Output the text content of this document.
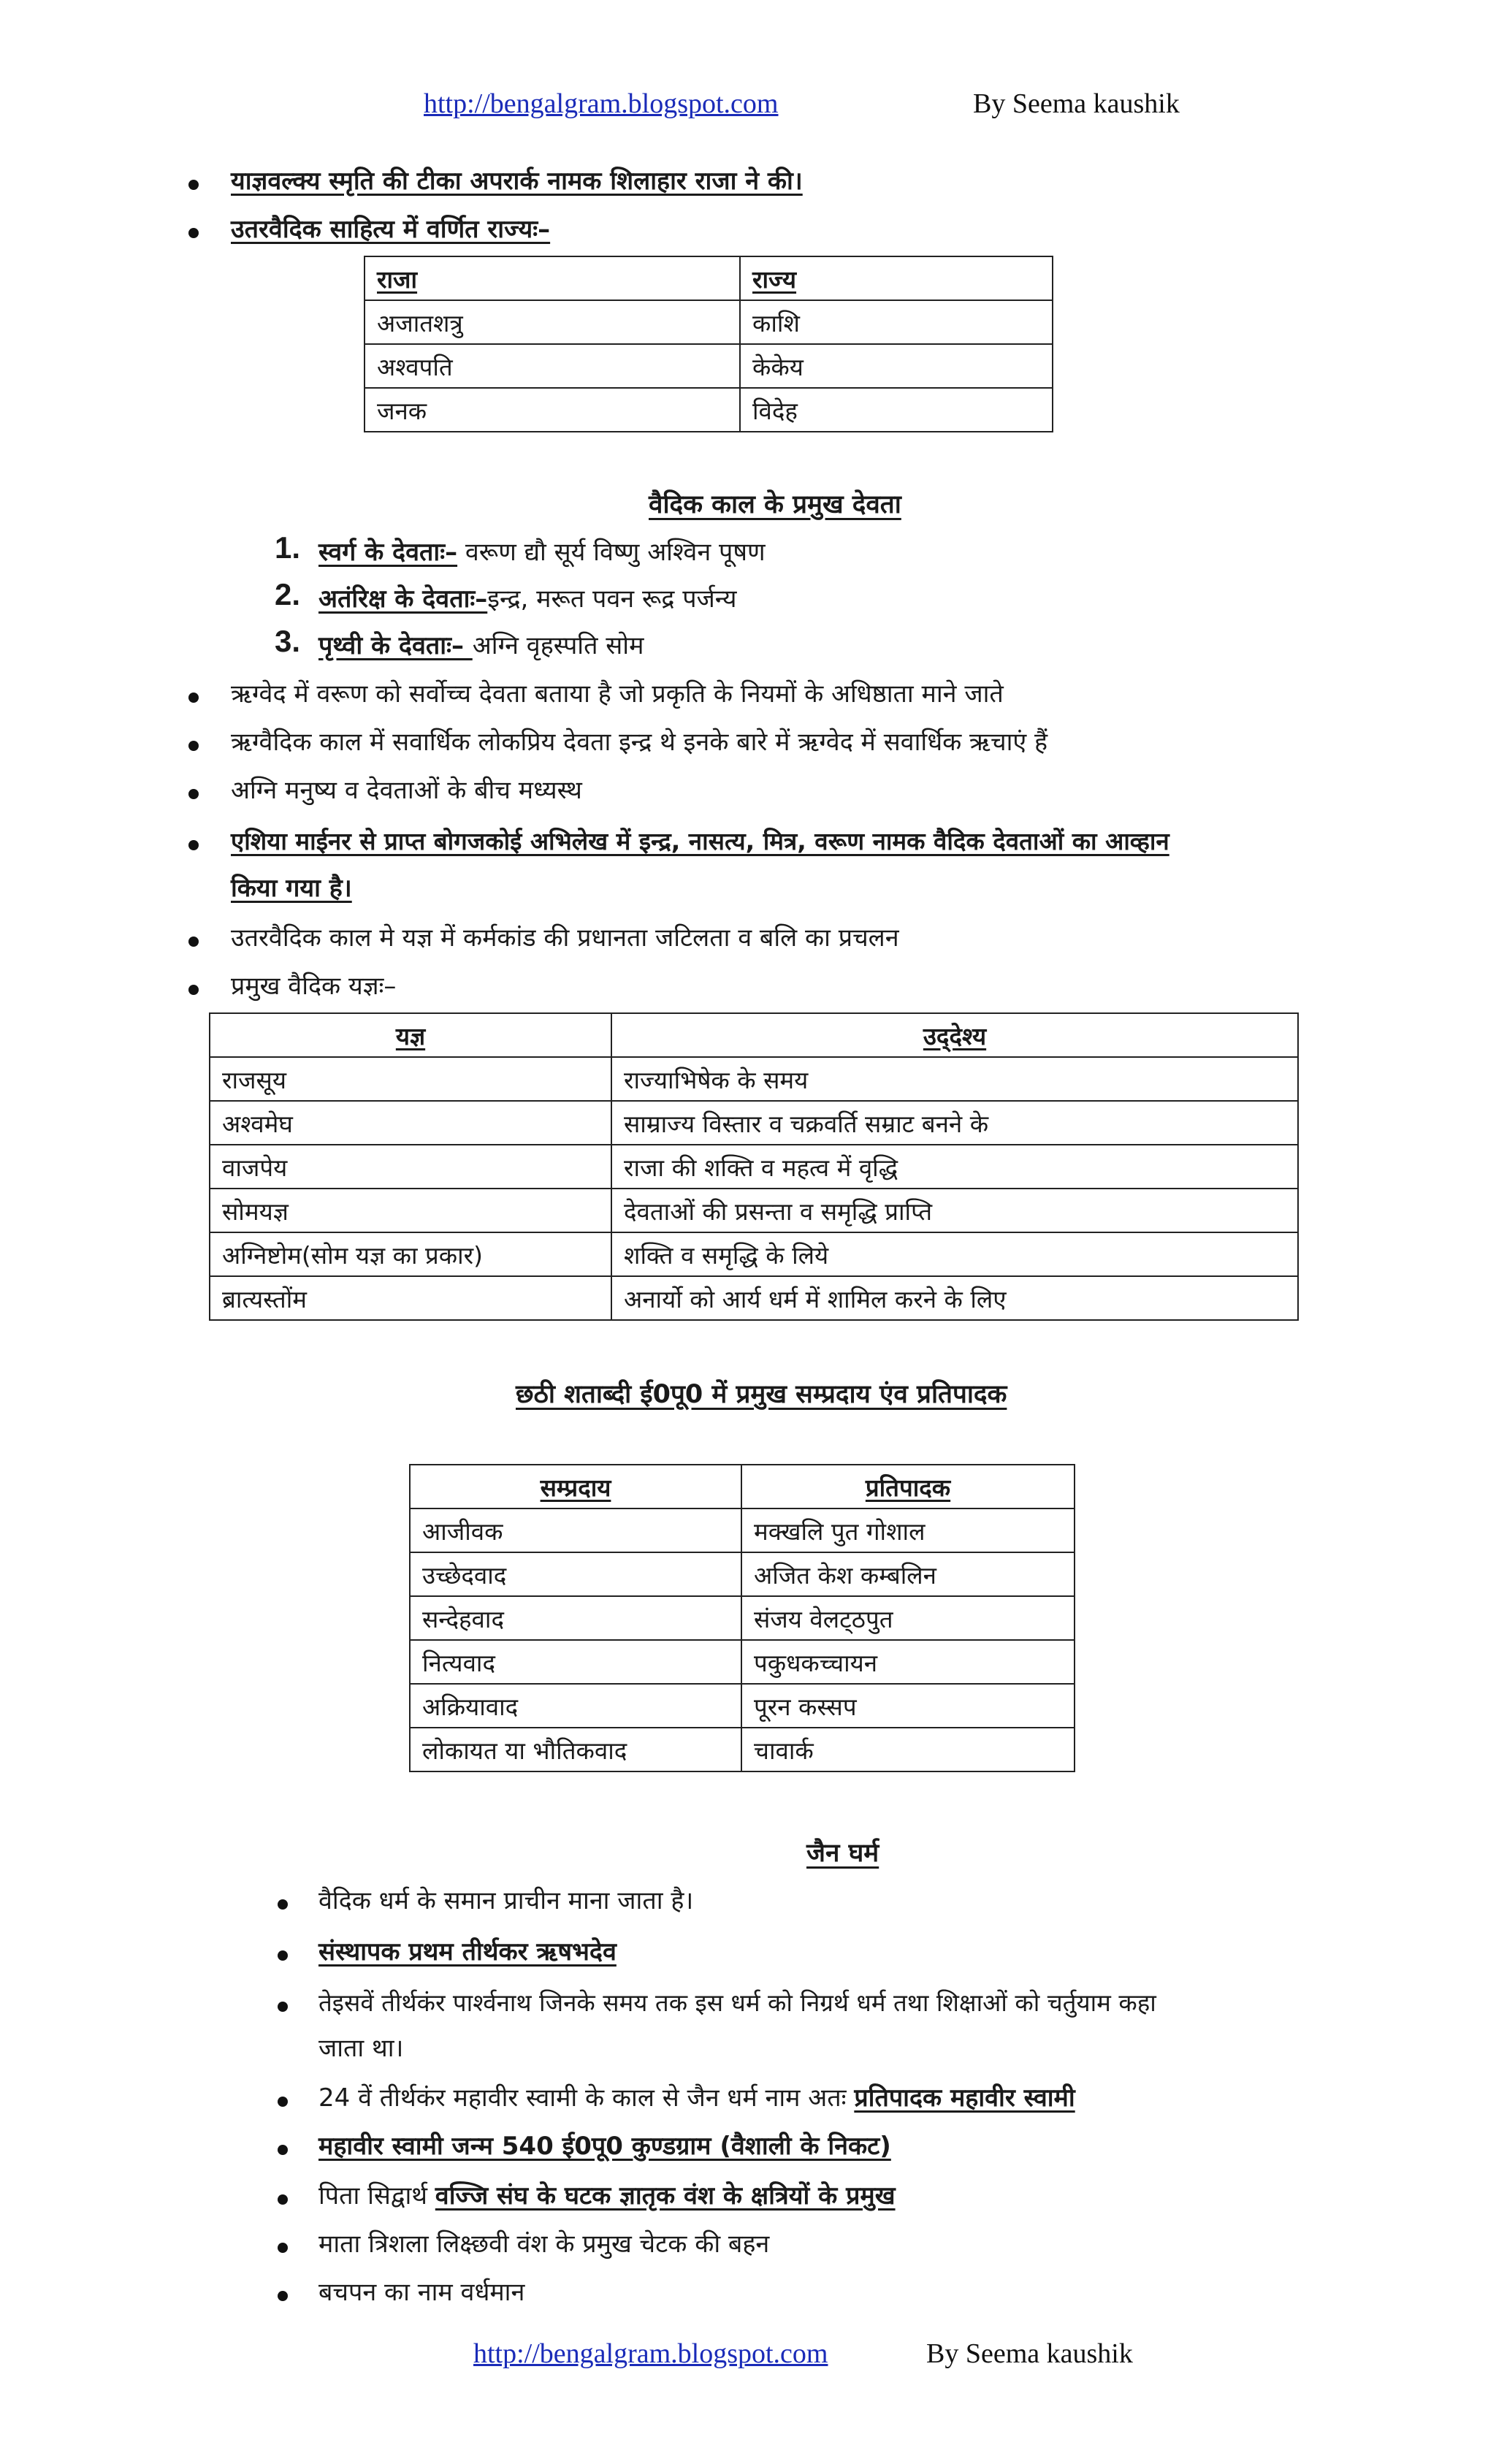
http://bengalgram.blogspot.com	By Seema kaushik
याज्ञवल्क्य स्मृति की टीका अपरार्क नामक शिलाहार राजा ने की।
उतरवैदिक साहित्य में वर्णित राज्यः–
राजा	राज्य
अजातशत्रु	काशि
अश्वपति	केकेय
जनक	विदेह
वैदिक काल के प्रमुख देवता
1. स्वर्ग के देवताः– वरूण द्यौ सूर्य विष्णु अश्विन पूषण
2. अतंरिक्ष के देवताः–इन्द्र, मरूत पवन रूद्र पर्जन्य
3. पृथ्वी के देवताः– अग्नि वृहस्पति सोम
ऋग्वेद में वरूण को सर्वोच्च देवता बताया है जो प्रकृति के नियमों के अधिष्ठाता माने जाते
ऋग्वैदिक काल में सवार्धिक लोकप्रिय देवता इन्द्र थे इनके बारे में ऋग्वेद में सवार्धिक ऋचाएं हैं
अग्नि मनुष्य व देवताओं के बीच मध्यस्थ
एशिया माईनर से प्राप्त बोगजकोई अभिलेख में इन्द्र, नासत्य, मित्र, वरूण नामक वैदिक देवताओं का आव्हान
किया गया है।
उतरवैदिक काल मे यज्ञ में कर्मकांड की प्रधानता जटिलता व बलि का प्रचलन
प्रमुख वैदिक यज्ञः–
यज्ञ	उद्‌देश्य
राजसूय	राज्याभिषेक के समय
अश्वमेघ	साम्राज्य विस्तार व चक्रवर्ति सम्राट बनने के
वाजपेय	राजा की शक्ति व महत्व में वृद्धि
सोमयज्ञ	देवताओं की प्रसन्ता व समृद्धि प्राप्ति
अग्निष्टोम(सोम यज्ञ का प्रकार)	शक्ति व समृद्धि के लिये
ब्रात्यस्तोंम	अनार्यो को आर्य धर्म में शामिल करने के लिए
छठी शताब्दी ई0पू0 में प्रमुख सम्प्रदाय एंव प्रतिपादक
सम्प्रदाय	प्रतिपादक
आजीवक	मक्खलि पुत गोशाल
उच्छेदवाद	अजित केश कम्बलिन
सन्देहवाद	संजय वेलट्‌ठपुत
नित्यवाद	पकुधकच्चायन
अक्रियावाद	पूरन कस्सप
लोकायत या भौतिकवाद	चावार्क
जैन घर्म
वैदिक धर्म के समान प्राचीन माना जाता है।
संस्थापक प्रथम तीर्थकर ऋषभदेव
तेइसवें तीर्थकंर पार्श्वनाथ जिनके समय तक इस धर्म को निग्रर्थ धर्म तथा शिक्षाओं को चर्तुयाम कहा
जाता था।
24 वें तीर्थकंर महावीर स्वामी के काल से जैन धर्म नाम अतः प्रतिपादक महावीर स्वामी
महावीर स्वामी जन्म 540 ई0पू0 कुण्डग्राम (वैशाली के निकट)
पिता सिद्वार्थ वज्जि संघ के घटक ज्ञातृक वंश के क्षत्रियों के प्रमुख
माता त्रिशला लिक्ष्छवी वंश के प्रमुख चेटक की बहन
बचपन का नाम वर्धमान
http://bengalgram.blogspot.com	By Seema kaushik
